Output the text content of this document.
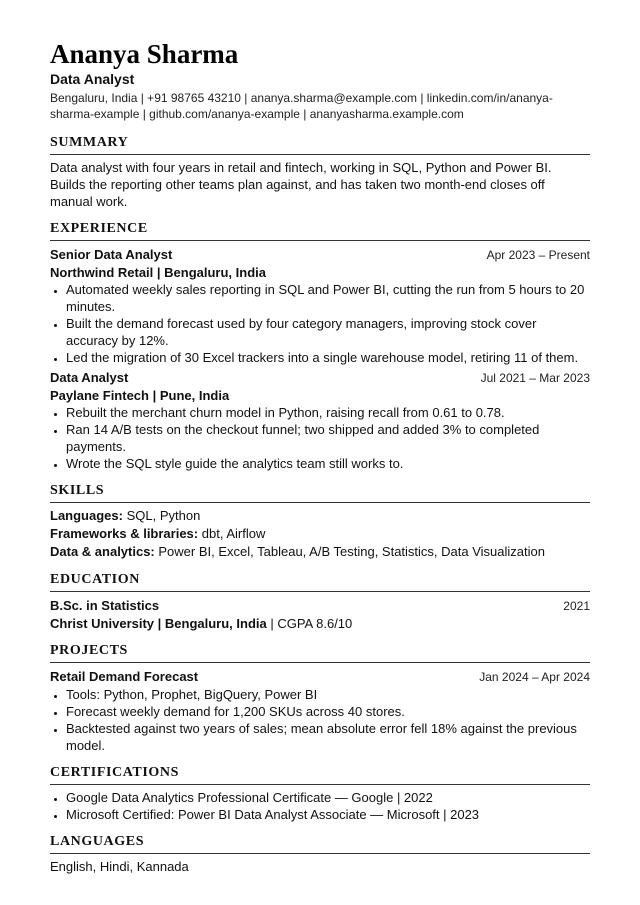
Ananya Sharma
Data Analyst
Bengaluru, India | +91 98765 43210 | ananya.sharma@example.com | linkedin.com/in/ananya-sharma-example | github.com/ananya-example | ananyasharma.example.com
SUMMARY
Data analyst with four years in retail and fintech, working in SQL, Python and Power BI. Builds the reporting other teams plan against, and has taken two month-end closes off manual work.
EXPERIENCE
Senior Data Analyst	Apr 2023 – Present
Northwind Retail | Bengaluru, India
• Automated weekly sales reporting in SQL and Power BI, cutting the run from 5 hours to 20 minutes.
• Built the demand forecast used by four category managers, improving stock cover accuracy by 12%.
• Led the migration of 30 Excel trackers into a single warehouse model, retiring 11 of them.
Data Analyst	Jul 2021 – Mar 2023
Paylane Fintech | Pune, India
• Rebuilt the merchant churn model in Python, raising recall from 0.61 to 0.78.
• Ran 14 A/B tests on the checkout funnel; two shipped and added 3% to completed payments.
• Wrote the SQL style guide the analytics team still works to.
SKILLS
Languages: SQL, Python
Frameworks & libraries: dbt, Airflow
Data & analytics: Power BI, Excel, Tableau, A/B Testing, Statistics, Data Visualization
EDUCATION
B.Sc. in Statistics	2021
Christ University | Bengaluru, India | CGPA 8.6/10
PROJECTS
Retail Demand Forecast	Jan 2024 – Apr 2024
• Tools: Python, Prophet, BigQuery, Power BI
• Forecast weekly demand for 1,200 SKUs across 40 stores.
• Backtested against two years of sales; mean absolute error fell 18% against the previous model.
CERTIFICATIONS
• Google Data Analytics Professional Certificate — Google | 2022
• Microsoft Certified: Power BI Data Analyst Associate — Microsoft | 2023
LANGUAGES
English, Hindi, Kannada
